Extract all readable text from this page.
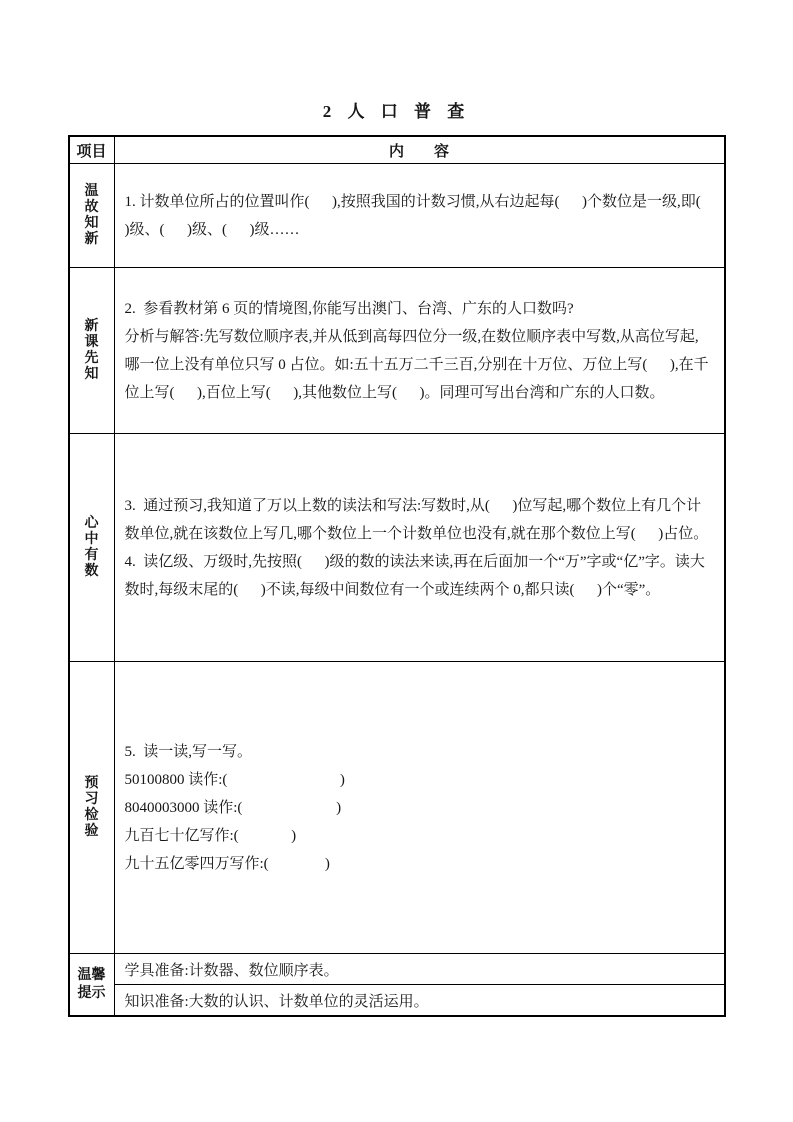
2 人 口 普 查
项目	内        容
温故知新

1. 计数单位所占的位置叫作(      ),按照我国的计数习惯,从右边起每(      )个数位是一级,即(      )级、(      )级、(      )级……

新课先知

2.  参看教材第 6 页的情境图,你能写出澳门、台湾、广东的人口数吗?

分析与解答:先写数位顺序表,并从低到高每四位分一级,在数位顺序表中写数,从高位写起,哪一位上没有单位只写 0 占位。如:五十五万二千三百,分别在十万位、万位上写(      ),在千位上写(      ),百位上写(      ),其他数位上写(      )。同理可写出台湾和广东的人口数。

心中有数

3.  通过预习,我知道了万以上数的读法和写法:写数时,从(      )位写起,哪个数位上有几个计数单位,就在该数位上写几,哪个数位上一个计数单位也没有,就在那个数位上写(      )占位。

4.  读亿级、万级时,先按照(      )级的数的读法来读,再在后面加一个“万”字或“亿”字。读大数时,每级末尾的(      )不读,每级中间数位有一个或连续两个 0,都只读(      )个“零”。

预习检验

5.  读一读,写一写。

50100800 读作:(                              )

8040003000 读作:(                         )

九百七十亿写作:(              )

九十五亿零四万写作:(               )

温馨提示
学具准备:计数器、数位顺序表。
知识准备:大数的认识、计数单位的灵活运用。
